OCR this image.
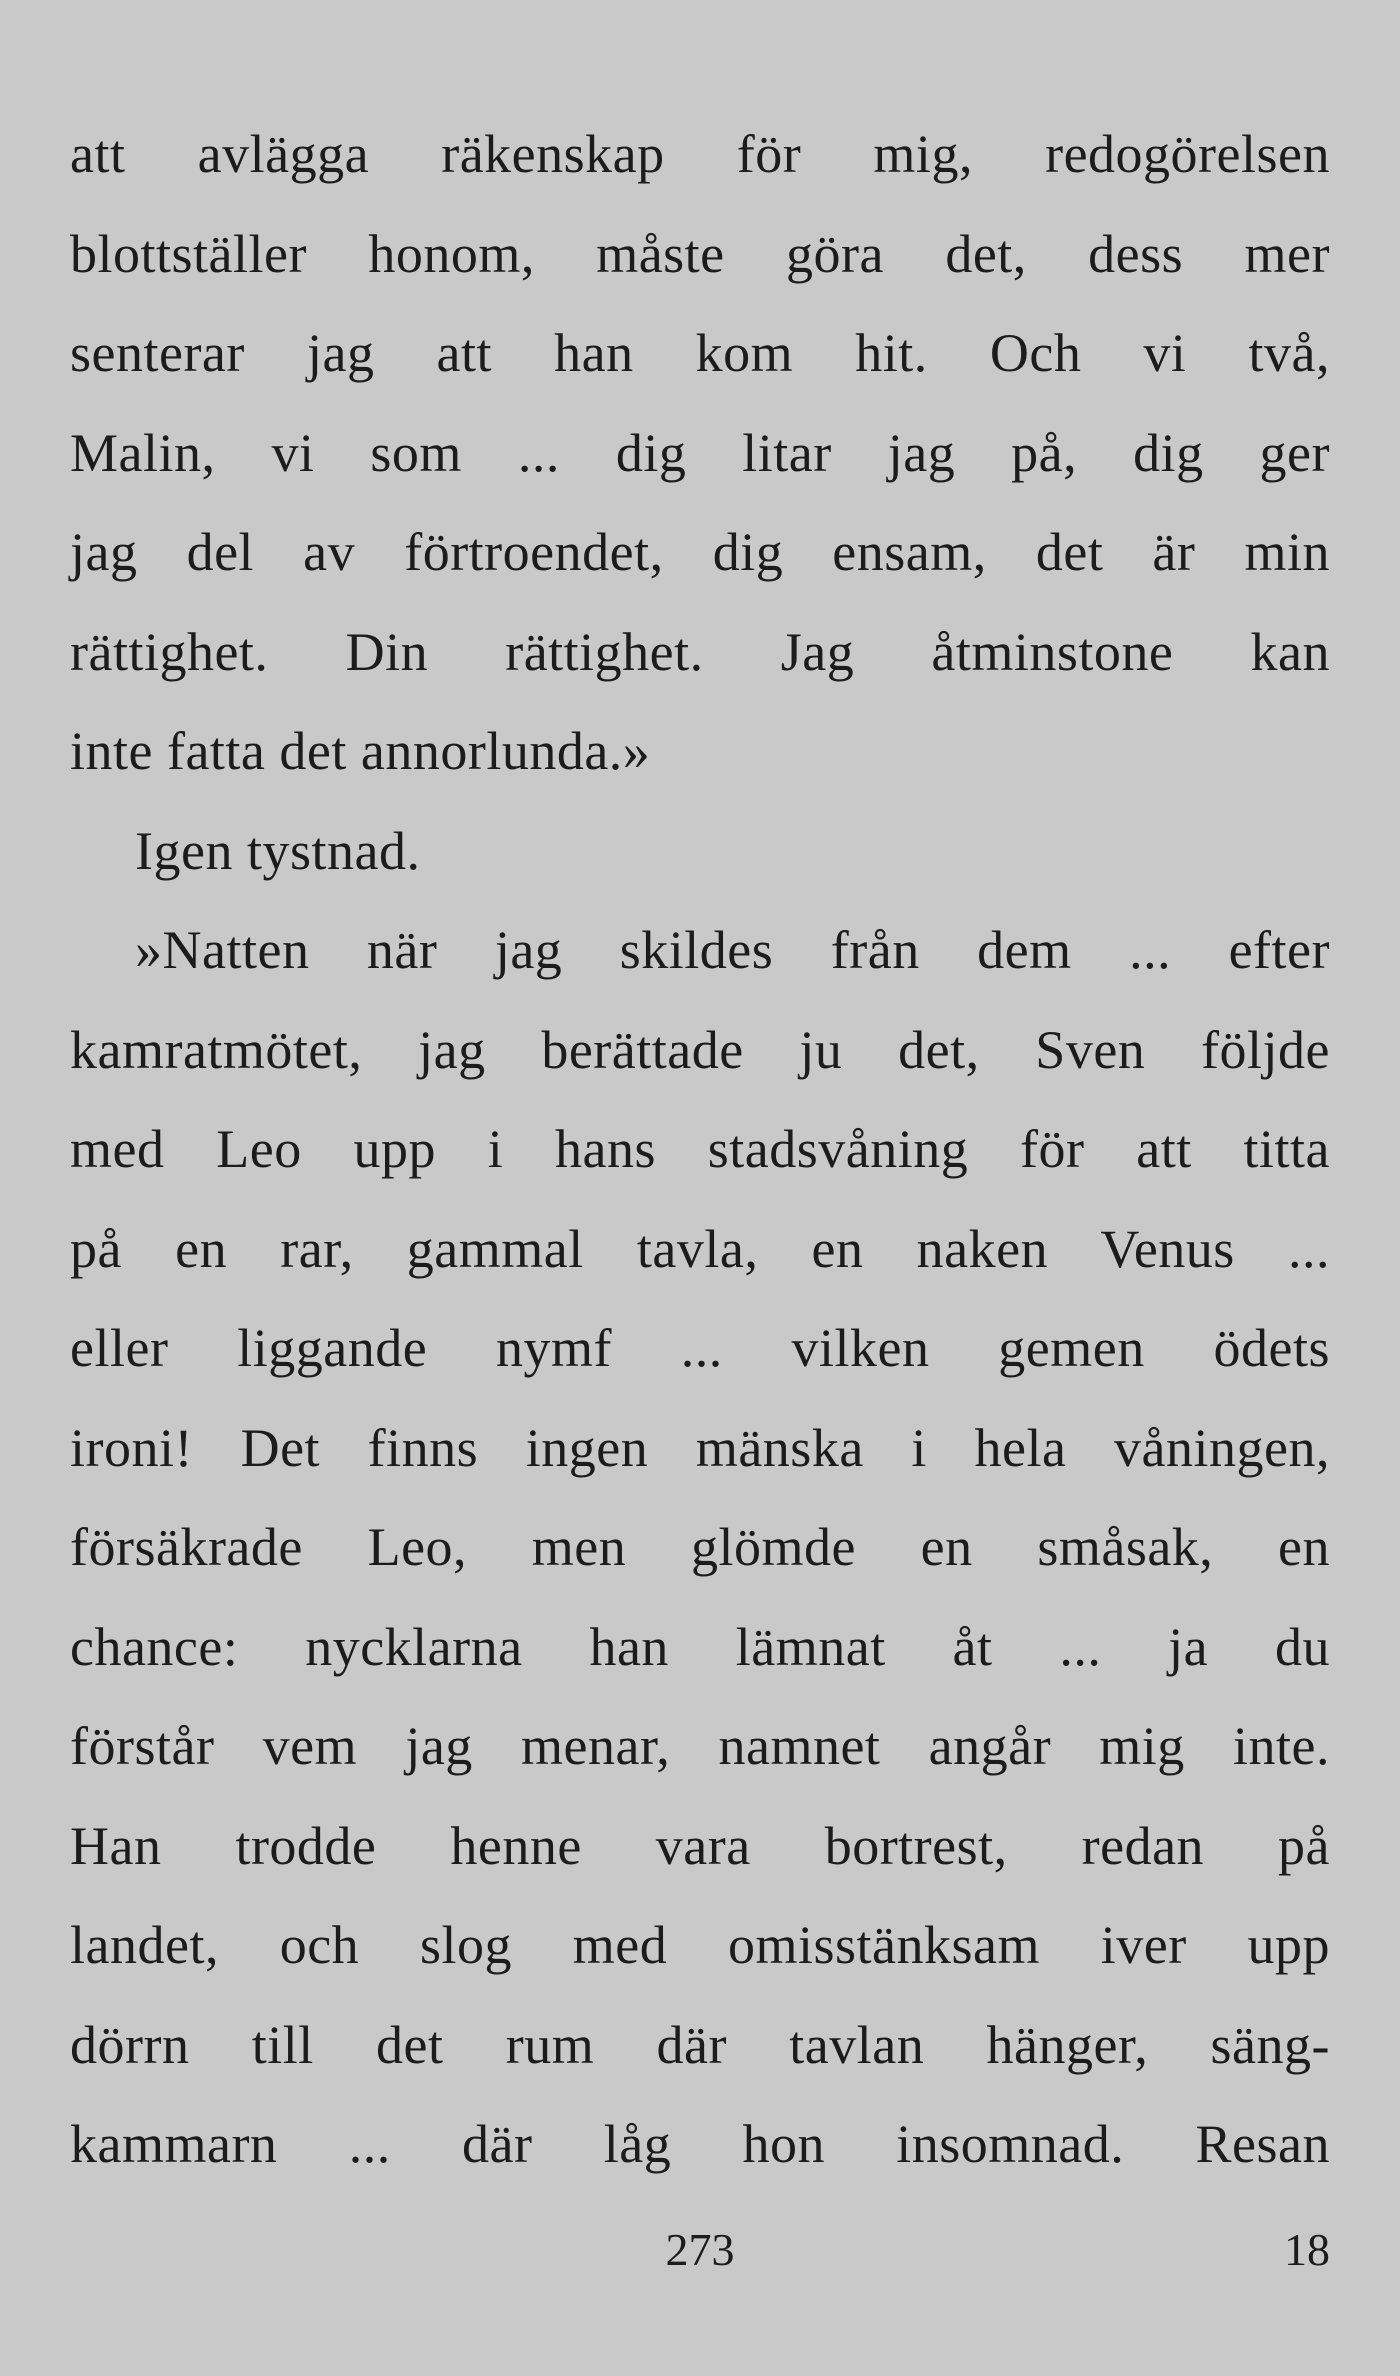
att avlägga räkenskap för mig, redogörelsen
blottställer honom, måste göra det, dess mer
senterar jag att han kom hit. Och vi två,
Malin, vi som ... dig litar jag på, dig ger
jag del av förtroendet, dig ensam, det är min
rättighet. Din rättighet. Jag åtminstone kan
inte fatta det annorlunda.»
Igen tystnad.
»Natten när jag skildes från dem ... efter
kamratmötet, jag berättade ju det, Sven följde
med Leo upp i hans stadsvåning för att titta
på en rar, gammal tavla, en naken Venus ...
eller liggande nymf ... vilken gemen ödets
ironi! Det finns ingen mänska i hela våningen,
försäkrade Leo, men glömde en småsak, en
chance: nycklarna han lämnat åt ... ja du
förstår vem jag menar, namnet angår mig inte.
Han trodde henne vara bortrest, redan på
landet, och slog med omisstänksam iver upp
dörrn till det rum där tavlan hänger, säng-
kammarn ... där låg hon insomnad. Resan
273	18
